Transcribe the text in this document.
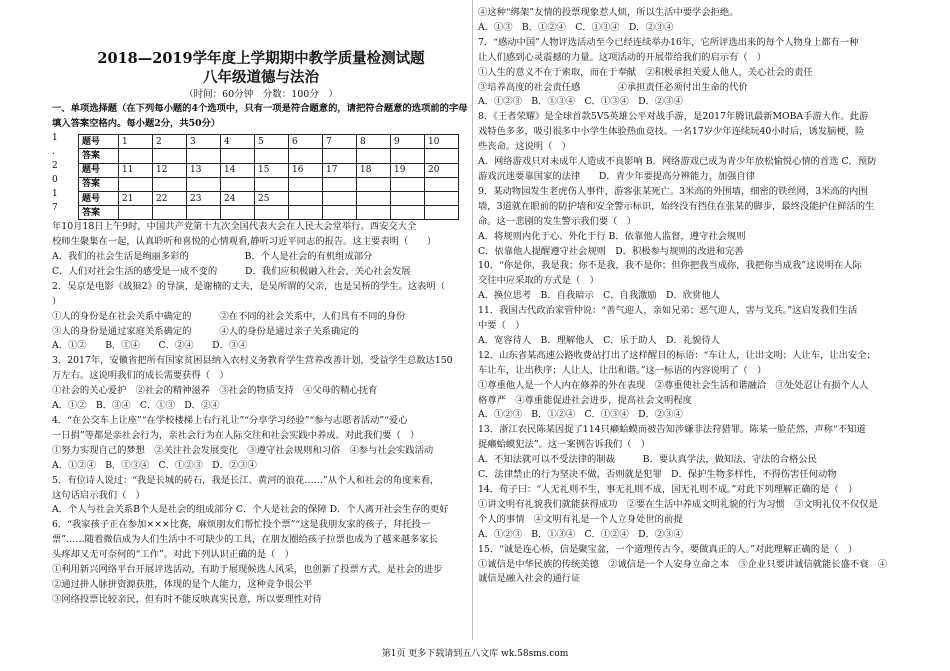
2018—2019学年度上学期期中教学质量检测试题
八年级道德与法治
（时间：60分钟　分数：100分　）
一、单项选择题（在下列每小题的4个选项中，只有一项是符合题意的，请把符合题意的选项前的字母填入答案空格内。每小题2分，共50分）
1
.
2
0
1
7
题号	1	2	3	4	5	6	7	8	9	10
答案										
题号	11	12	13	14	15	16	17	18	19	20
答案										
题号	21	22	23	24	25					
答案										
年10月18日上午9时，中国共产党第十九次全国代表大会在人民大会堂举行。西安交大全
校师生聚集在一起，认真聆听和喜悦的心情观看,静听习近平同志的报告。这主要表明（　　）
A．我们的社会生活是绚丽多彩的　　　　　　B．个人是社会的有机组成部分
C．人们对社会生活的感受是一成不变的　　　D．我们应积极融入社会，关心社会发展
2．吴京是电影《战狼2》的导演，是谢楠的丈夫，是吴所谓的父亲，也是吴桥的学生。这表明（
）
①人的身份是在社会关系中确定的　　　②在不同的社会关系中，人们具有不同的身份
③人的身份是通过家庭关系确定的　　　④人的身份是通过亲子关系确定的
A．①②　　B．①④　　C．②④　　D．③④
3．2017年，安徽省把所有国家贫困县纳入农村义务教育学生营养改善计划，受益学生总数达150
万左右。这说明我们的成长需要获得（　）
①社会的关心爱护　②社会的精神滋养　③社会的物质支持　④父母的精心抚育
A．①②　B．③④　C．①③　D．②④
4．“在公交车上让座”“在学校楼梯上右行礼让”“分享学习经验”“参与志愿者活动”“爱心
一日捐”等都是亲社会行为，亲社会行为在人际交往和社会实践中养成。对此我们要（　）
①努力实现自己的梦想　②关注社会发展变化　③遵守社会规则和习俗　④参与社会实践活动
A．①②④　B．①③④　C．①②③　D．②③④
5．有位诗人说过：“我是长城的砖石，我是长江、黄河的浪花……”从个人和社会的角度来看，
这句话启示我们（　）
A．个人与社会关系B个人是社会的组成部分 C．个人是社会的保障 D．个人离开社会生存的更好
6．“我家孩子正在参加×××比赛，麻烦朋友们帮忙投个票”“这是我朋友家的孩子，拜托投一
票”……随着微信成为人们生活中不可缺少的工具，在朋友圈给孩子拉票也成为了越来越多家长
头疼却又无可奈何的“工作”。对此下列认识正确的是（　）
①利用新兴网络平台开展评选活动，有助于展现候选人风采，也创新了投票方式，是社会的进步
②通过拼人脉拼资源获胜，体现的是个人能力，这种竞争很公平
③网络投票比较亲民，但有时不能反映真实民意，所以要理性对待
④这种“绑架”友情的投票现象惹人烦，所以生活中要学会拒绝。
A．①③　B．①②④　C．①③④　D．②③④
7．“感动中国”人物评选活动至今已经连续举办16年，它所评选出来的每个人物身上都有一种
让人们感到心灵震撼的力量。这项活动的开展带给我们的启示有（　）
①人生的意义不在于索取，而在于奉献　②积极承担关爱人他人，关心社会的责任
③培养高度的社会责任感　　　　④承担责任必须付出生命的代价
A．①②③　B．①③④　C．①③④　D．②③④
8．《王者荣耀》是全球首款5V5英雄公平对战手游，是2017年腾讯最新MOBA手游大作。此游
戏特色多多，吸引很多中小学生体验热血竞技。一名17岁少年连续玩40小时后，诱发脑梗，险
些丧命。这说明（　）
A．网络游戏只对未成年人造成不良影响 B．网络游戏已成为青少年放松愉悦心情的首选 C．预防
游戏沉迷要靠国家的法律　　D．青少年要提高分辨能力，加强自律
9．某动物园发生老虎伤人事件，游客张某死亡。3米高的外围墙，细密的铁丝网，3米高的内围
墙，3道就在眼前的防护墙和安全警示标识，始终没有挡住在张某的脚步，最终没能护住鲜活的生
命。这一悲剧的发生警示我们要（　）
A．将规则内化于心、外化于行 B．依靠他人监督，遵守社会规则
C．依靠他人提醒遵守社会规则　D．积极参与规则的改进和完善
10．“你是你，我是我；你不是我，我不是你；但你把我当成你，我把你当成我”这说明在人际
交往中应采取的方式是（　）
A．换位思考　B．自我暗示　C．自我激励　D．欣赏他人
11．我国古代政治家管仲说：“善气迎人，亲如兄弟；恶气迎人，害与戈兵。”这启发我们生活
中要（　）
A．宽容待人　B．理解他人　C．乐于助人　D．礼貌待人
12．山东省某高速公路收费站打出了这样醒目的标语：“车让人，让出文明；人让车，让出安全；
车让车，让出秩序；人让人，让出和谐。”这一标语的内容说明了（　）
①尊重他人是一个人内在修养的外在表现　②尊重使社会生活和谐融洽　③处处忍让有损个人人
格尊严　④尊重能促进社会进步，提高社会文明程度
A．①②③　B．①②④　C．①③④　D．②③④
13．浙江农民陈某因捉了114只癞蛤蟆而被告知涉嫌非法狩猎罪。陈某一脸茫然，声称“不知道
捉癞蛤蟆犯法”。这一案例告诉我们（　）
A．不知法就可以不受法律的制裁　　　B．要认真学法，做知法、守法的合格公民
C．法律禁止的行为坚决不做，否则就是犯罪　D．保护生物多样性，不得伤害任何动物
14．荀子曰：“人无礼则不生，事无礼则不成，国无礼则不成。”对此下列理解正确的是（　）
①讲文明有礼貌我们就能获得成功　②要在生活中养成文明礼貌的行为习惯　③文明礼仪不仅仅是
个人的事情　④文明有礼是一个人立身处世的前提
A．①②③　B．①③④　C．①②④　D．②③④
15．“诚是连心桥，信是聚宝盆，一个道理传古今，要做真正的人。”对此理解正确的是（　）
①诚信是中华民族的传统美德　②诚信是一个人安身立命之本　③企业只要讲诚信就能长盛不衰　④
诚信是融入社会的通行证
第1页 更多下载请到五八文库 wk.58sms.com
